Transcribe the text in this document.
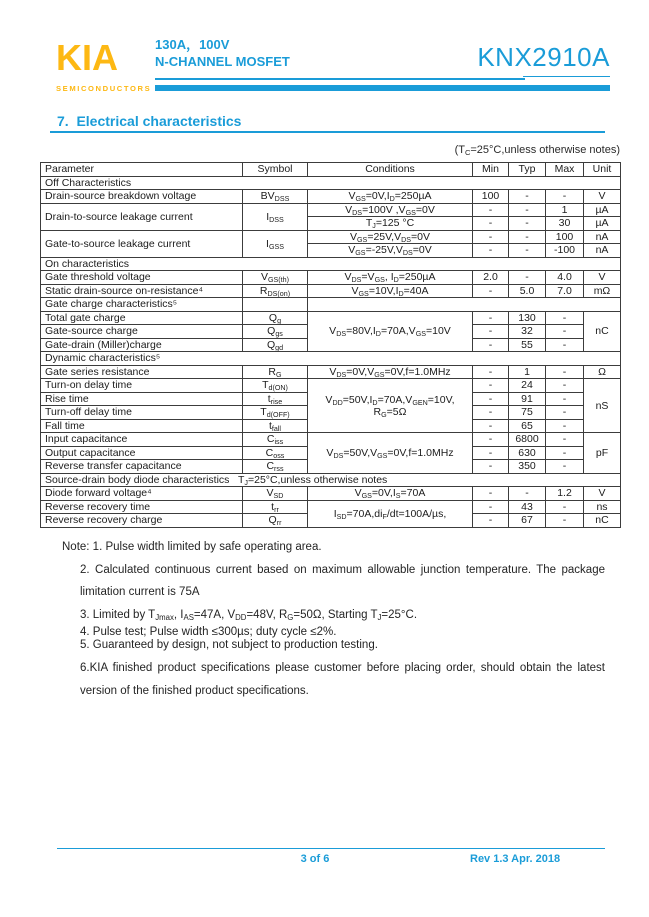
KIA
SEMICONDUCTORS
130A，100V
N-CHANNEL MOSFET	KNX2910A
7.  Electrical characteristics
($T_C=25^\circ C,unless$ otherwise notes)
Parameter	Symbol	Conditions	Min	Typ	Max	Unit
Off Characteristics						
Drain-source breakdown voltage	$BV_{DSS}$	$V_{GS}=0V,I_D=250\mu A$	100	-	-	V
Drain-to-source leakage current	$I_{DSS}$	$V_{DS}=100V$ $,V_{GS}=0V$	-	-	1	µA
		$T_J=125$ °C	-	-	30	µA
Gate-to-source leakage current	$I_{GSS}$	$V_{GS}=25V,V_{DS}=0V$	-	-	100	nA
		$V_{GS}=-25V,V_{DS}=0V$	-	-	-100	nA
On characteristics						
Gate threshold voltage	$V_{GS(th)}$	$V_{DS}=V_{GS}$, $I_D=250\mu A$	2.0	-	4.0	V
Static drain-source on-resistance⁴	$R_{DS(on)}$	$V_{GS}=10V,I_D=40A$	-	5.0	7.0	mΩ
Gate charge characteristics⁵						
Total gate charge	$Q_g$	$V_{DS}=80V,I_D=70A,V_{GS}=10V$	-	130	-	nC
Gate-source charge	$Q_{gs}$		-	32	-	
Gate-drain (Miller)charge	$Q_{gd}$		-	55	-	
Dynamic characteristics⁵						
Gate series resistance	$R_G$	$V_{DS}=0V,V_{GS}=0V,f=1.0MHz$	-	1	-	Ω
Turn-on delay time	$T_{d(ON)}$	$V_{DD}=50V,I_D=70A,V_{GEN}=10V$, $R_G=5\Omega$	-	24	-	nS
Rise time	$t_{rise}$		-	91	-	
Turn-off delay time	$T_{d(OFF)}$		-	75	-	
Fall time	$t_{fall}$		-	65	-	
Input capacitance	$C_{iss}$	$V_{DS}=50V,V_{GS}=0V,f=1.0MHz$	-	6800	-	pF
Output capacitance	$C_{oss}$		-	630	-	
Reverse transfer capacitance	$C_{rss}$		-	350	-	
Source-drain body diode characteristics   $T_J=25^\circ C,unless$ otherwise notes						
Diode forward voltage⁴	$V_{SD}$	$V_{GS}=0V,I_S=70A$	-	-	1.2	V
Reverse recovery time	$t_{rr}$	$I_{SD}=70A,di_F/dt=100A/\mu s$,	-	43	-	ns
Reverse recovery charge	$Q_{rr}$		-	67	-	nC

Note: 1. Pulse width limited by safe operating area.

2. Calculated continuous current based on maximum allowable junction temperature. The package limitation current is 75A

3. Limited by $T_{Jmax}$, $I_{AS}=47A$, $V_{DD}=48V$, $R_G=50\Omega$, Starting $T_J=25^\circ C$.

4. Pulse test; Pulse width ≤300µs; duty cycle ≤2%.

5. Guaranteed by design, not subject to production testing.

6.KIA finished product specifications please customer before placing order, should obtain the latest version of the finished product specifications.

3 of 6	Rev 1.3 Apr. 2018
